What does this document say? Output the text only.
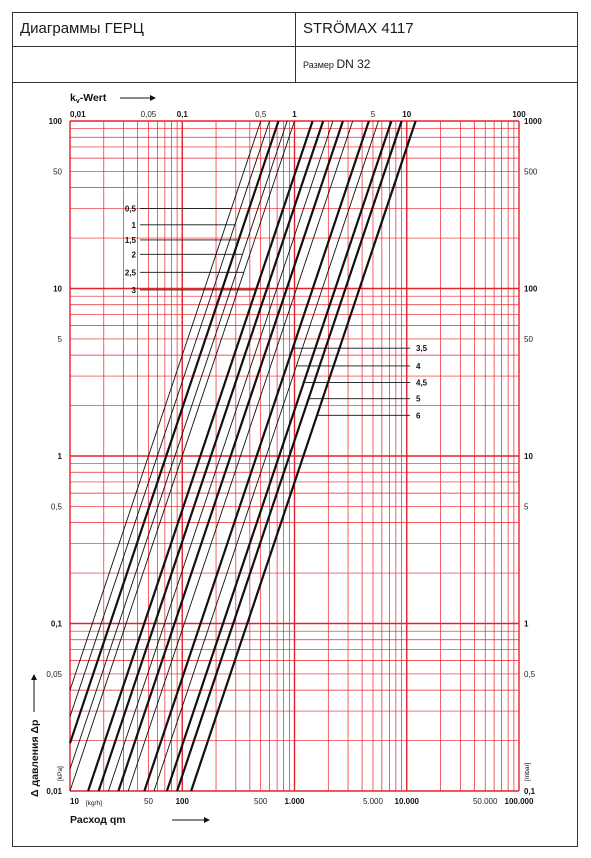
Диаграммы ГЕРЦ	STRÖMAX 4117
Размер DN 32
0,5
1
1,5
2
2,5
3
3,5
4
4,5
5
6
100
50
10
5
1
0,5
0,1
0,05
0,01
1000
500
100
50
10
5
1
0,5
0,1
10	50	100	500 1.000	5.000 10.000	50.000 100.000
0,01	0,05	0,1	0,5	1	5	10	100
kv-Wert
Расход qm
[kg/h]
Δ давления Δp [kPa]	[mbar]
